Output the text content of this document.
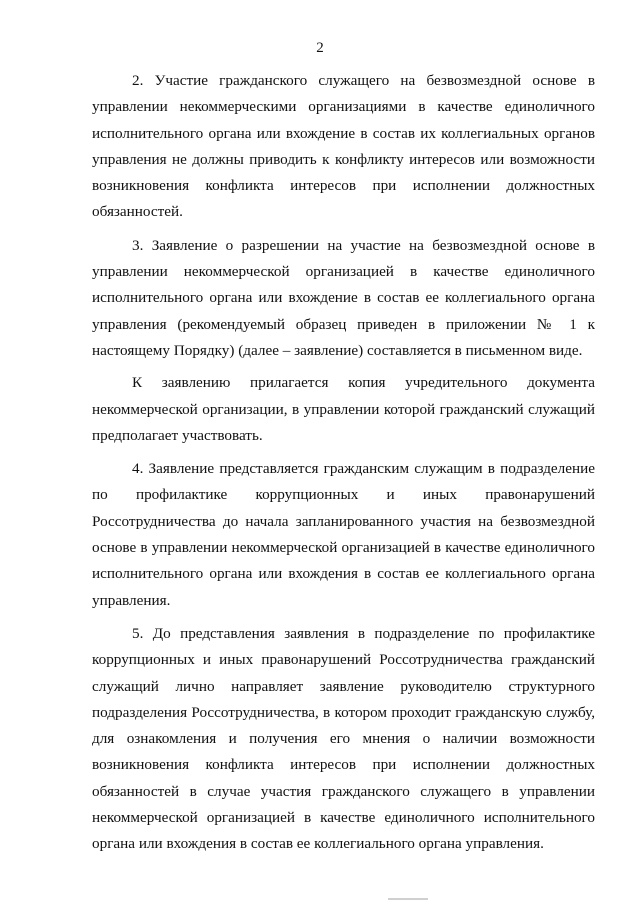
2

2. Участие гражданского служащего на безвозмездной основе в управлении некоммерческими организациями в качестве единоличного исполнительного органа или вхождение в состав их коллегиальных органов управления не должны приводить к конфликту интересов или возможности возникновения конфликта интересов при исполнении должностных обязанностей.

3. Заявление о разрешении на участие на безвозмездной основе в управлении некоммерческой организацией в качестве единоличного исполнительного органа или вхождение в состав ее коллегиального органа управления (рекомендуемый образец приведен в приложении № 1 к настоящему Порядку) (далее – заявление) составляется в письменном виде.

К заявлению прилагается копия учредительного документа некоммерческой организации, в управлении которой гражданский служащий предполагает участвовать.

4. Заявление представляется гражданским служащим в подразделение по профилактике коррупционных и иных правонарушений Россотрудничества до начала запланированного участия на безвозмездной основе в управлении некоммерческой организацией в качестве единоличного исполнительного органа или вхождения в состав ее коллегиального органа управления.

5. До представления заявления в подразделение по профилактике коррупционных и иных правонарушений Россотрудничества гражданский служащий лично направляет заявление руководителю структурного подразделения Россотрудничества, в котором проходит гражданскую службу, для ознакомления и получения его мнения о наличии возможности возникновения конфликта интересов при исполнении должностных обязанностей в случае участия гражданского служащего в управлении некоммерческой организацией в качестве единоличного исполнительного органа или вхождения в состав ее коллегиального органа управления.
